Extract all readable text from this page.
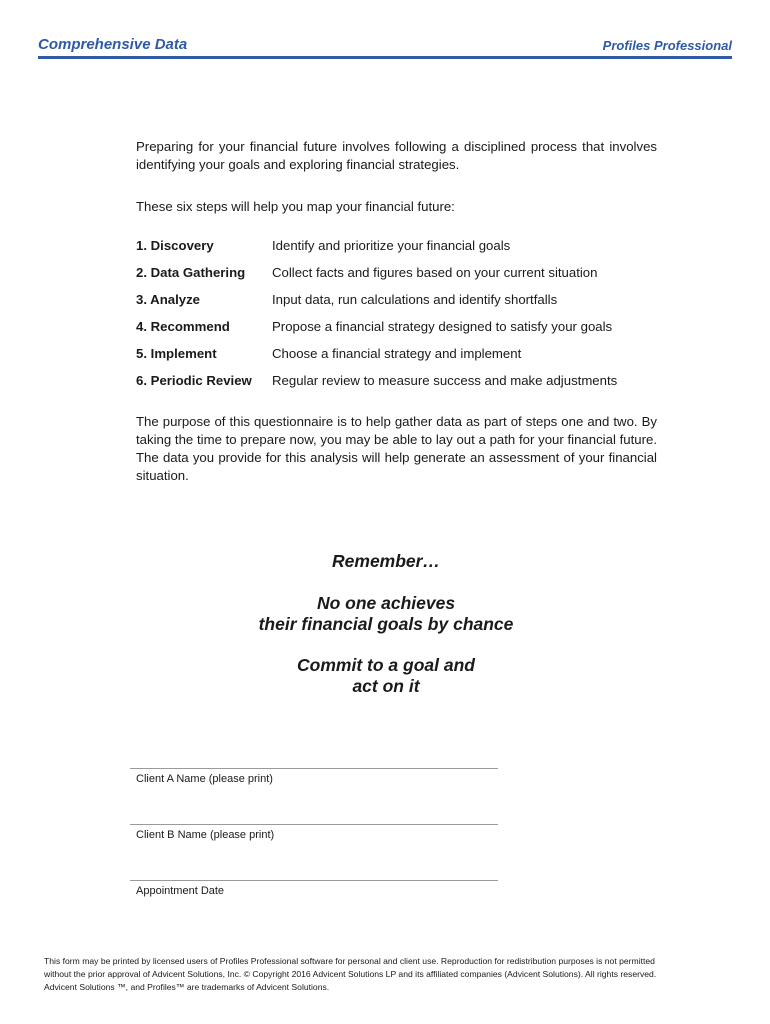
Comprehensive Data	Profiles Professional
Preparing for your financial future involves following a disciplined process that involves identifying your goals and exploring financial strategies.
These six steps will help you map your financial future:
1. Discovery	Identify and prioritize your financial goals
2. Data Gathering Collect facts and figures based on your current situation
3. Analyze	Input data, run calculations and identify shortfalls
4. Recommend	Propose a financial strategy designed to satisfy your goals
5. Implement	Choose a financial strategy and implement
6. Periodic Review Regular review to measure success and make adjustments
The purpose of this questionnaire is to help gather data as part of steps one and two. By taking the time to prepare now, you may be able to lay out a path for your financial future. The data you provide for this analysis will help generate an assessment of your financial situation.
Remember…
No one achieves
their financial goals by chance
Commit to a goal and
act on it
Client A Name (please print)
Client B Name (please print)
Appointment Date
This form may be printed by licensed users of Profiles Professional software for personal and client use. Reproduction for redistribution purposes is not permitted
without the prior approval of Advicent Solutions, Inc. © Copyright 2016 Advicent Solutions LP and its affiliated companies (Advicent Solutions). All rights reserved.
Advicent Solutions ™, and Profiles™ are trademarks of Advicent Solutions.
